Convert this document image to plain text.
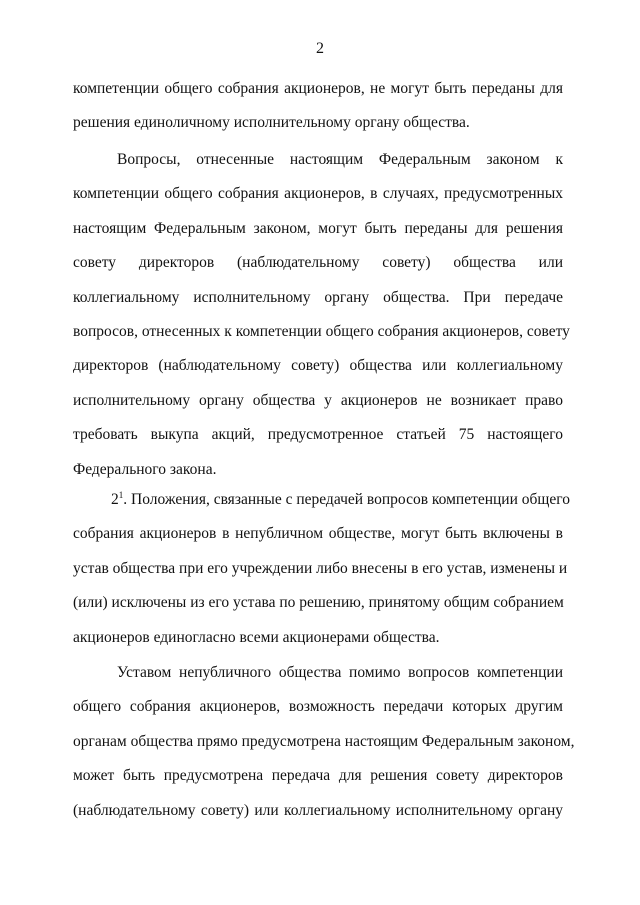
2
компетенции общего собрания акционеров, не могут быть переданы для
решения единоличному исполнительному органу общества.
Вопросы, отнесенные настоящим Федеральным законом к
компетенции общего собрания акционеров, в случаях, предусмотренных
настоящим Федеральным законом, могут быть переданы для решения
совету директоров (наблюдательному совету) общества или
коллегиальному исполнительному органу общества. При передаче
вопросов, отнесенных к компетенции общего собрания акционеров, совету
директоров (наблюдательному совету) общества или коллегиальному
исполнительному органу общества у акционеров не возникает право
требовать выкупа акций, предусмотренное статьей 75 настоящего
Федерального закона.
$2^1$. Положения, связанные с передачей вопросов компетенции общего
собрания акционеров в непубличном обществе, могут быть включены в
устав общества при его учреждении либо внесены в его устав, изменены и
(или) исключены из его устава по решению, принятому общим собранием
акционеров единогласно всеми акционерами общества.
Уставом непубличного общества помимо вопросов компетенции
общего собрания акционеров, возможность передачи которых другим
органам общества прямо предусмотрена настоящим Федеральным законом,
может быть предусмотрена передача для решения совету директоров
(наблюдательному совету) или коллегиальному исполнительному органу
